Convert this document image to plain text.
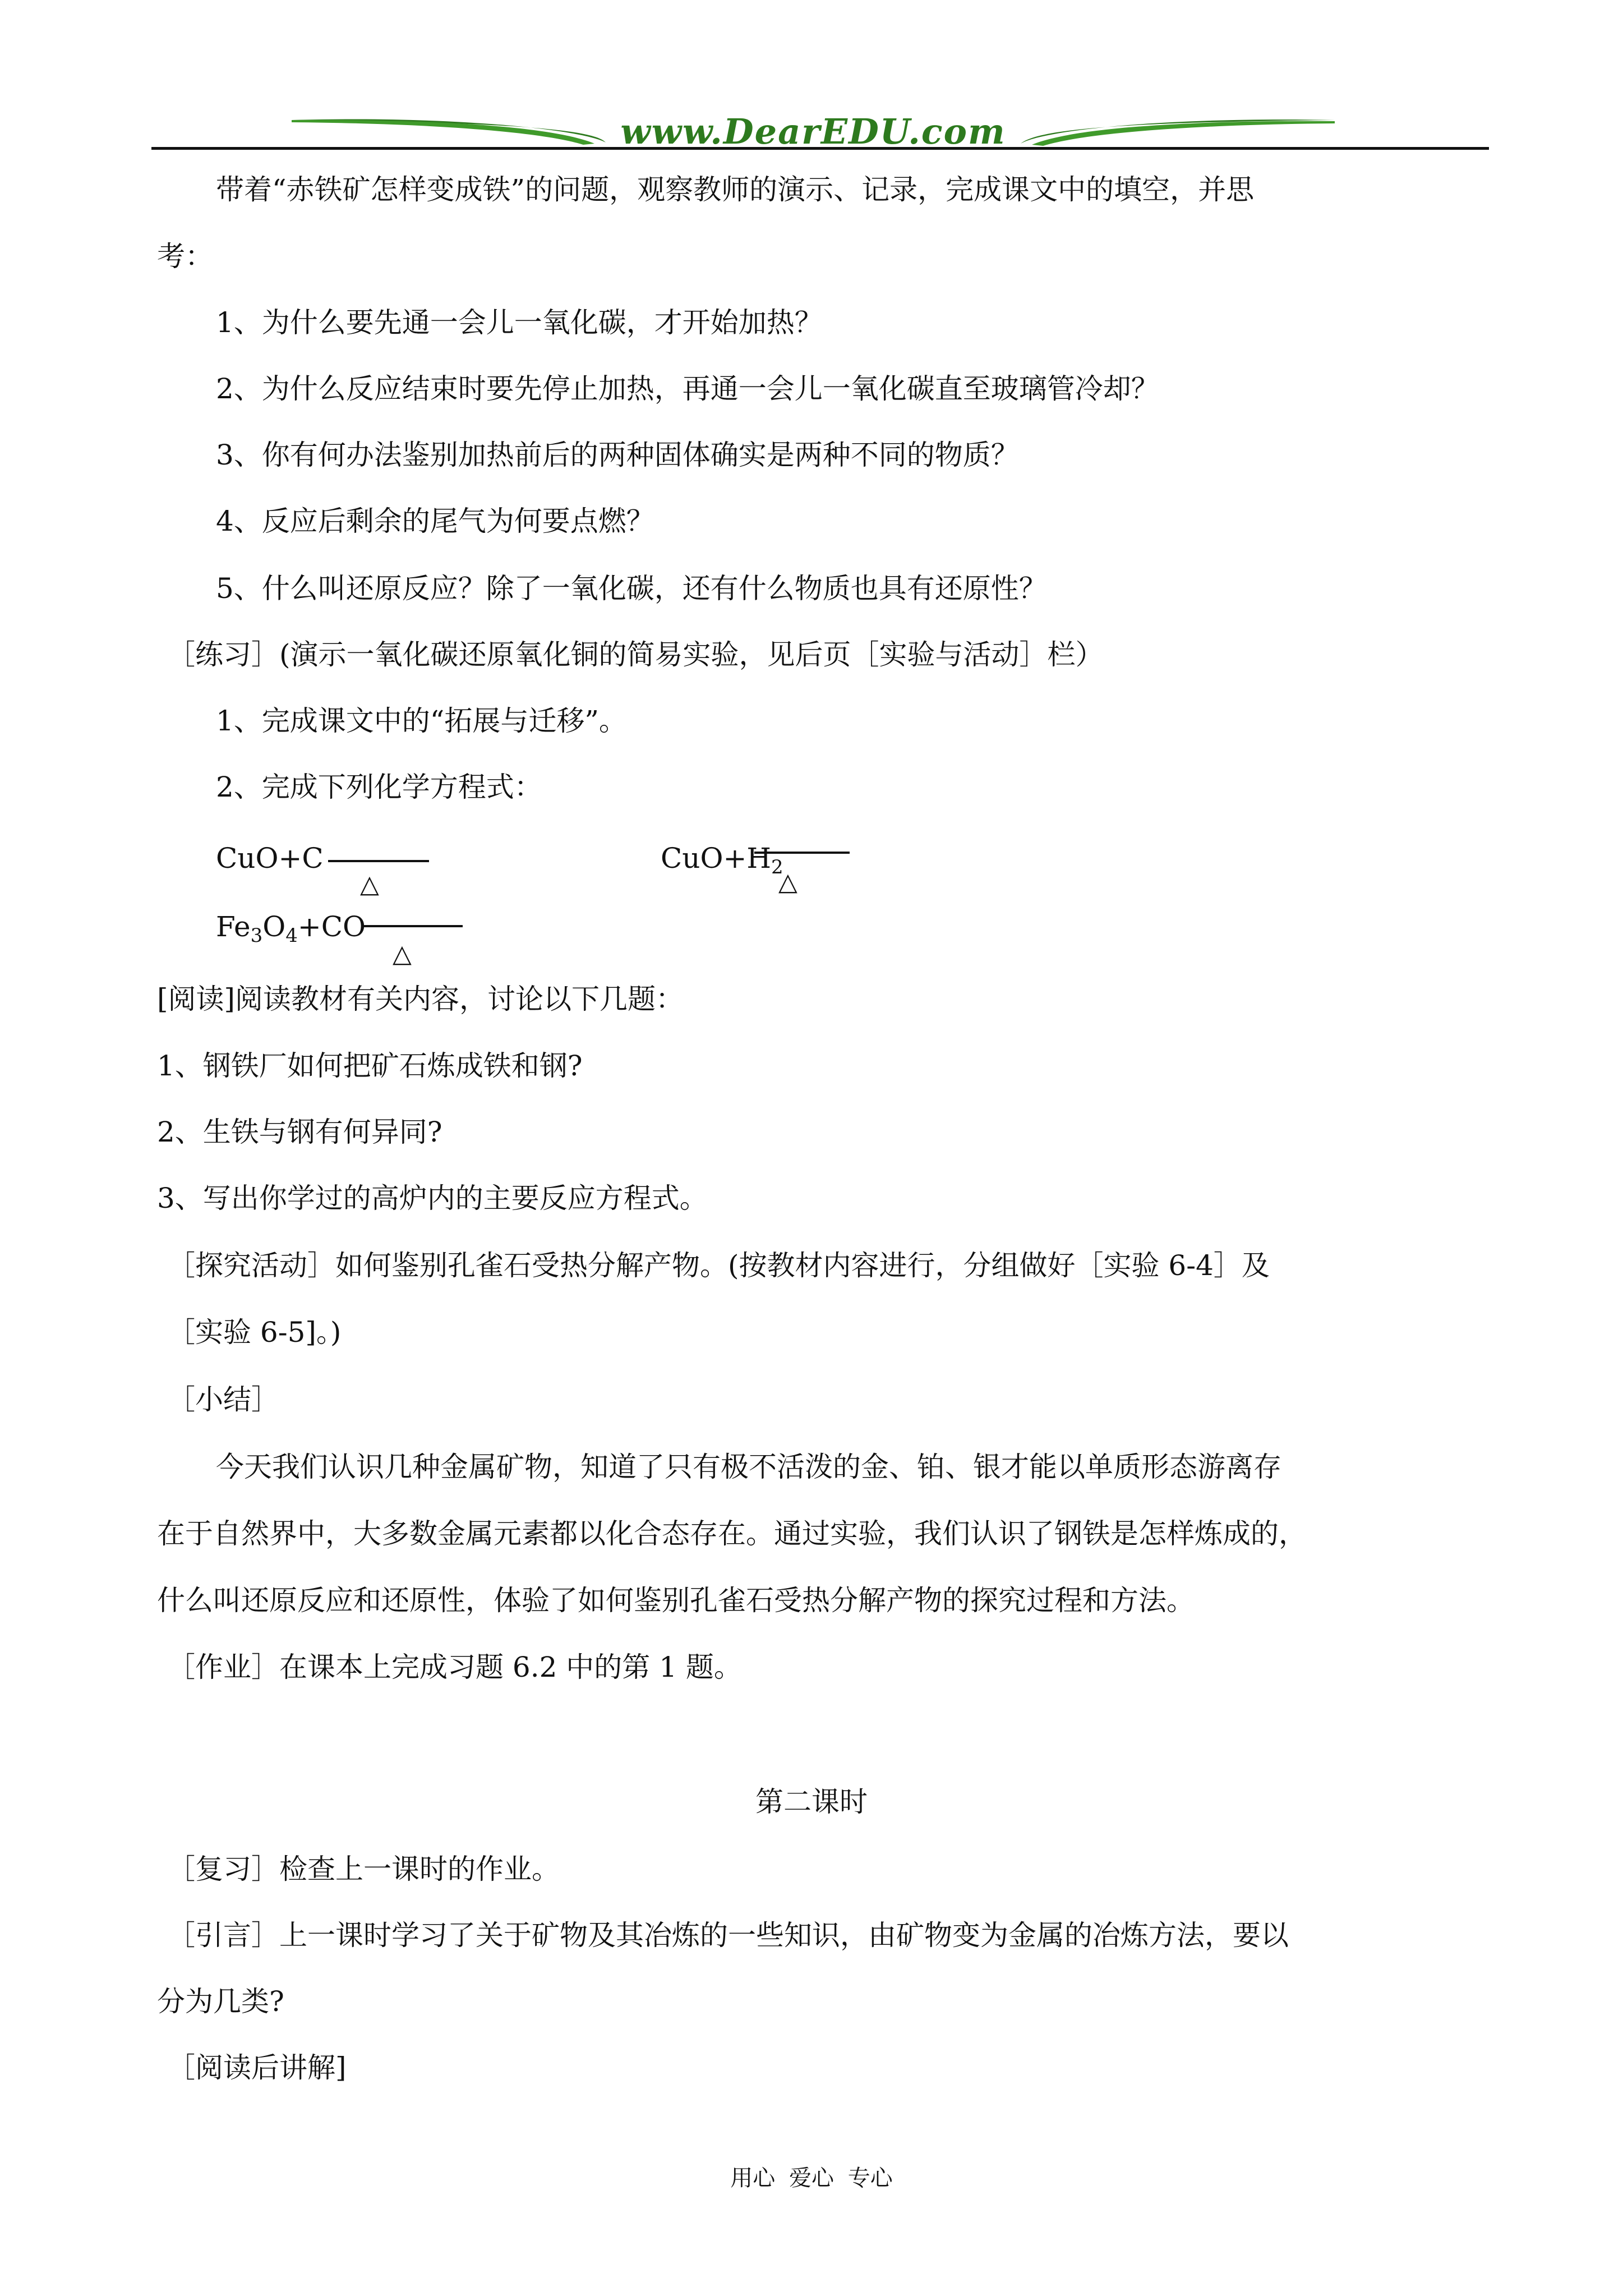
www.DearEDU.com
带着“赤铁矿怎样变成铁”的问题，观察教师的演示、记录，完成课文中的填空，并思
考：
1、为什么要先通一会儿一氧化碳，才开始加热？
2、为什么反应结束时要先停止加热，再通一会儿一氧化碳直至玻璃管冷却？
3、你有何办法鉴别加热前后的两种固体确实是两种不同的物质？
4、反应后剩余的尾气为何要点燃？
5、什么叫还原反应？除了一氧化碳，还有什么物质也具有还原性？
［练习］(演示一氧化碳还原氧化铜的简易实验，见后页［实验与活动］栏）
1、完成课文中的“拓展与迁移”。
2、完成下列化学方程式：
CuO+C
△
$CuO+H_2$
△
$Fe_3O_4+CO$
△
[阅读]阅读教材有关内容，讨论以下几题：
1、钢铁厂如何把矿石炼成铁和钢?
2、生铁与钢有何异同?
3、写出你学过的高炉内的主要反应方程式。
［探究活动］如何鉴别孔雀石受热分解产物。(按教材内容进行，分组做好［实验 6-4］及
［实验 6-5]。)
［小结］
今天我们认识几种金属矿物，知道了只有极不活泼的金、铂、银才能以单质形态游离存
在于自然界中，大多数金属元素都以化合态存在。通过实验，我们认识了钢铁是怎样炼成的，
什么叫还原反应和还原性，体验了如何鉴别孔雀石受热分解产物的探究过程和方法。
［作业］在课本上完成习题 6.2 中的第 1 题。
第二课时
［复习］检查上一课时的作业。
［引言］上一课时学习了关于矿物及其冶炼的一些知识，由矿物变为金属的冶炼方法，要以
分为几类?
［阅读后讲解]
用心 爱心 专心
